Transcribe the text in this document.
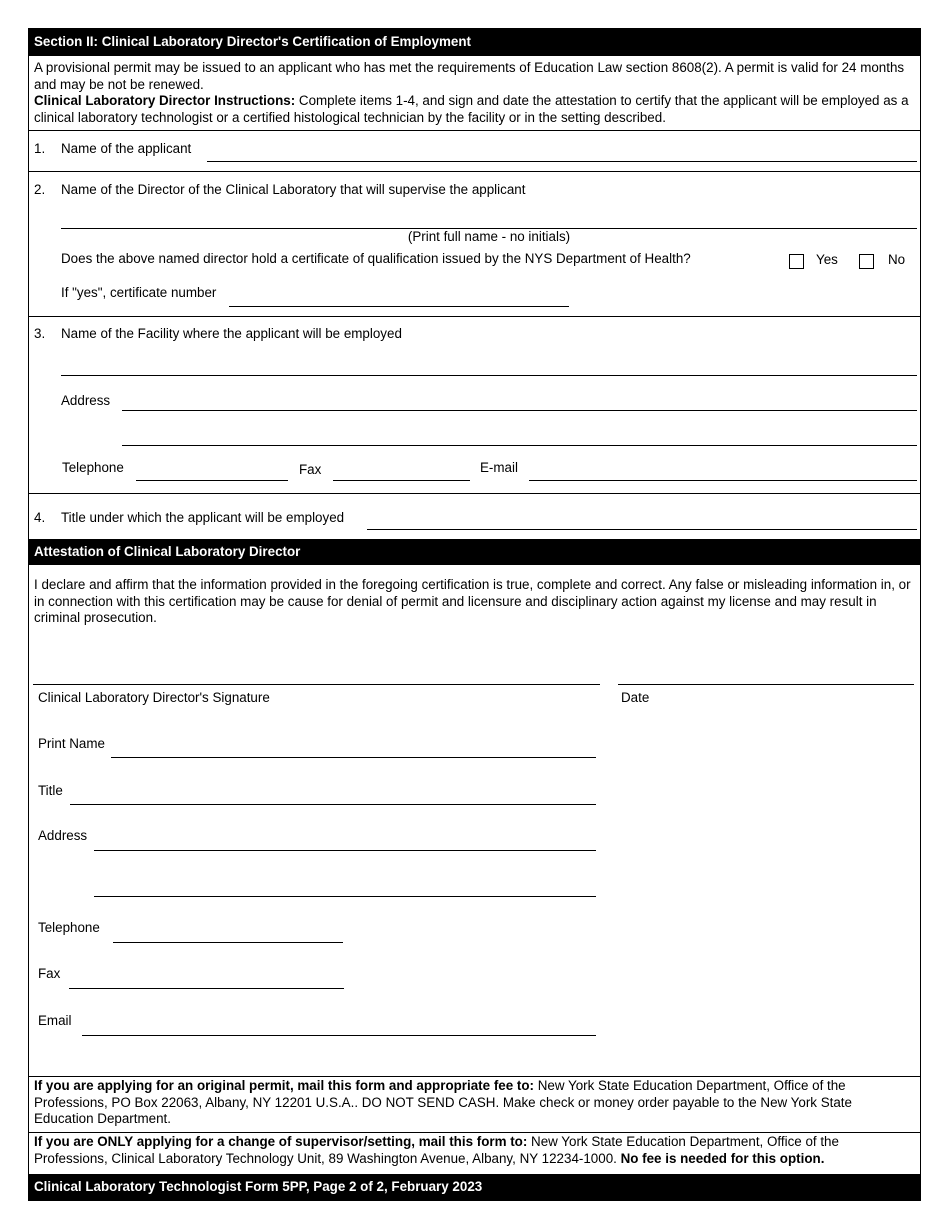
Section II: Clinical Laboratory Director's Certification of Employment
A provisional permit may be issued to an applicant who has met the requirements of Education Law section 8608(2). A permit is valid for 24 months and may be not be renewed.
Clinical Laboratory Director Instructions: Complete items 1-4, and sign and date the attestation to certify that the applicant will be employed as a clinical laboratory technologist or a certified histological technician by the facility or in the setting described.
1. Name of the applicant
2. Name of the Director of the Clinical Laboratory that will supervise the applicant
(Print full name - no initials)
Does the above named director hold a certificate of qualification issued by the NYS Department of Health?	Yes	No
If "yes", certificate number
3. Name of the Facility where the applicant will be employed
Address
Telephone	Fax	E-mail
4. Title under which the applicant will be employed
Attestation of Clinical Laboratory Director
I declare and affirm that the information provided in the foregoing certification is true, complete and correct. Any false or misleading information in, or in connection with this certification may be cause for denial of permit and licensure and disciplinary action against my license and may result in criminal prosecution.
Clinical Laboratory Director's Signature	Date
Print Name
Title
Address
Telephone
Fax
Email
If you are applying for an original permit, mail this form and appropriate fee to: New York State Education Department, Office of the Professions, PO Box 22063, Albany, NY 12201 U.S.A.. DO NOT SEND CASH. Make check or money order payable to the New York State Education Department.
If you are ONLY applying for a change of supervisor/setting, mail this form to: New York State Education Department, Office of the Professions, Clinical Laboratory Technology Unit, 89 Washington Avenue, Albany, NY 12234-1000. No fee is needed for this option.
Clinical Laboratory Technologist Form 5PP, Page 2 of 2, February 2023
